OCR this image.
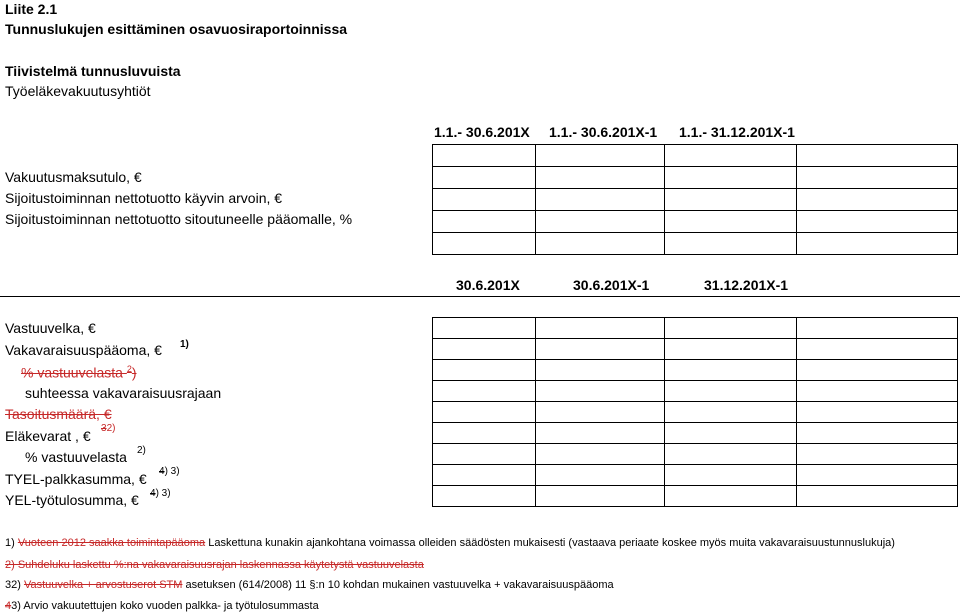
Liite 2.1
Tunnuslukujen esittäminen osavuosiraportoinnissa
Tiivistelmä tunnusluvuista
Työeläkevakuutusyhtiöt
1.1.- 30.6.201X 1.1.- 30.6.201X-1 1.1.- 31.12.201X-1

Vakuutusmaksutulo, €
Sijoitustoiminnan nettotuotto käyvin arvoin, €
Sijoitustoiminnan nettotuotto sitoutuneelle pääomalle, %
30.6.201X	30.6.201X-1	31.12.201X-1

Vastuuvelka, €
Vakavaraisuuspääoma, € 1)
% vastuuvelasta $^2$)
suhteessa vakavaraisuusrajaan
Tasoitusmäärä, €
Eläkevarat , € 32)
% vastuuvelasta 2)
TYEL-palkkasumma, € 4) 3)
YEL-työtulosumma, € 4) 3)
1) Vuoteen 2012 saakka toimintapääoma Laskettuna kunakin ajankohtana voimassa olleiden säädösten mukaisesti (vastaava periaate koskee myös muita vakavaraisuustunnuslukuja)
2) Suhdeluku laskettu %:na vakavaraisuusrajan laskennassa käytetystä vastuuvelasta
32) Vastuuvelka + arvostuserot STM asetuksen (614/2008) 11 §:n 10 kohdan mukainen vastuuvelka + vakavaraisuuspääoma
43) Arvio vakuutettujen koko vuoden palkka- ja työtulosummasta
